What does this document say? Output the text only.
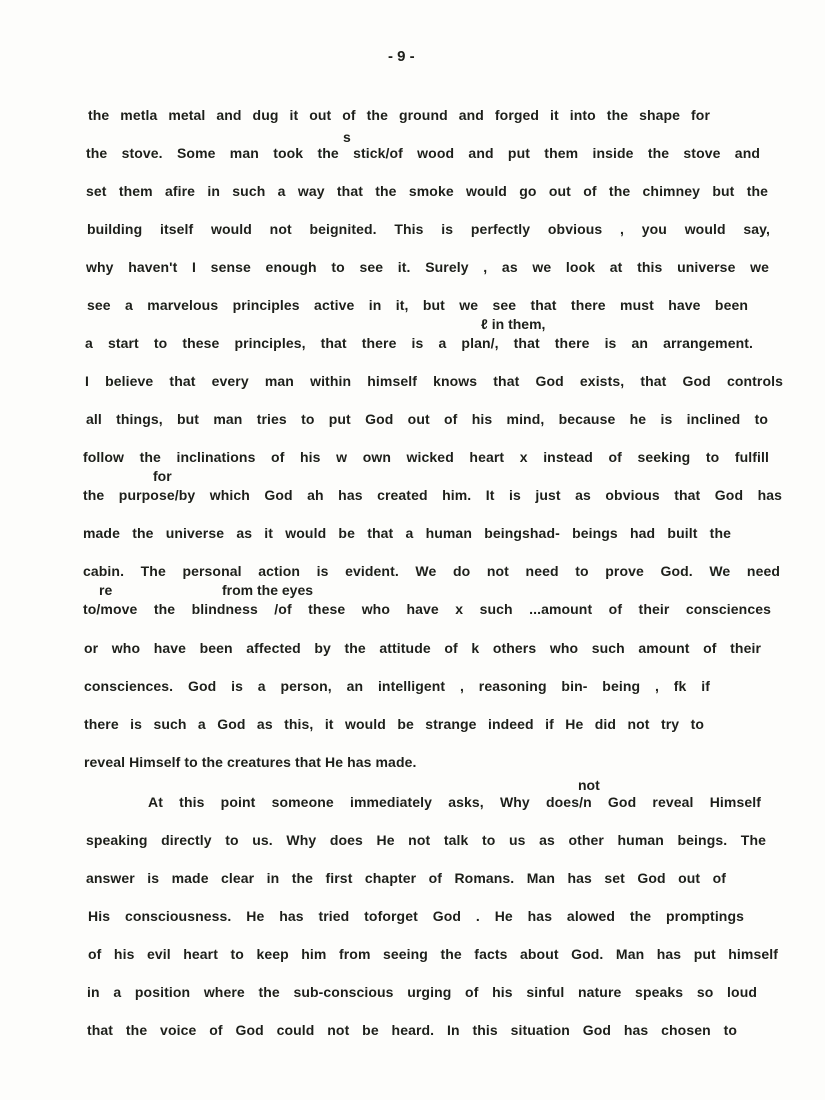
- 9 -
the metla metal and dug it out of the ground and forged it into the shape for
s
the stove. Some man took the stick/of wood and put them inside the stove and
set them afire in such a way that the smoke would go out of the chimney but the
building itself would not beignited. This is perfectly obvious , you would say,
why haven't I sense enough to see it. Surely , as we look at this universe we
see a marvelous principles active in it, but we see that there must have been
ℓ in them,
a start to these principles, that there is a plan/, that there is an arrangement.
I believe that every man within himself knows that God exists, that God controls
all things, but man tries to put God out of his mind, because he is inclined to
follow the inclinations of his w own wicked heart x instead of seeking to fulfill
for
the purpose/by which God ah has created him. It is just as obvious that God has
made the universe as it would be that a human beingshad- beings had built the
cabin. The personal action is evident. We do not need to prove God. We need
re	from the eyes
to/move the blindness /of these who have x such ...amount of their consciences
or who have been affected by the attitude of k others who such amount of their
consciences. God is a person, an intelligent , reasoning bin- being , fk if
there is such a God as this, it would be strange indeed if He did not try to
reveal Himself to the creatures that He has made.
not
At this point someone immediately asks, Why does/n God reveal Himself
speaking directly to us. Why does He not talk to us as other human beings. The
answer is made clear in the first chapter of Romans. Man has set God out of
His consciousness. He has tried toforget God . He has alowed the promptings
of his evil heart to keep him from seeing the facts about God. Man has put himself
in a position where the sub-conscious urging of his sinful nature speaks so loud
that the voice of God could not be heard. In this situation God has chosen to
